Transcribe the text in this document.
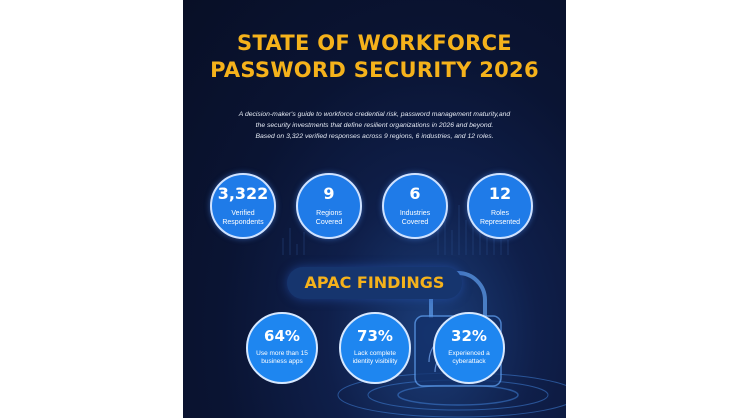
STATE OF WORKFORCE
PASSWORD SECURITY 2026
A decision-maker's guide to workforce credential risk, password management maturity,and
the security investments that define resilient organizations in 2026 and beyond.
Based on 3,322 verified responses across 9 regions, 6 industries, and 12 roles.
3,322
Verified
Respondents
9
Regions
Covered
6
Industries
Covered
12
Roles
Represented
APAC FINDINGS
64%
Use more than 15
business apps
73%
Lack complete
identity visibility
32%
Experienced a
cyberattack
